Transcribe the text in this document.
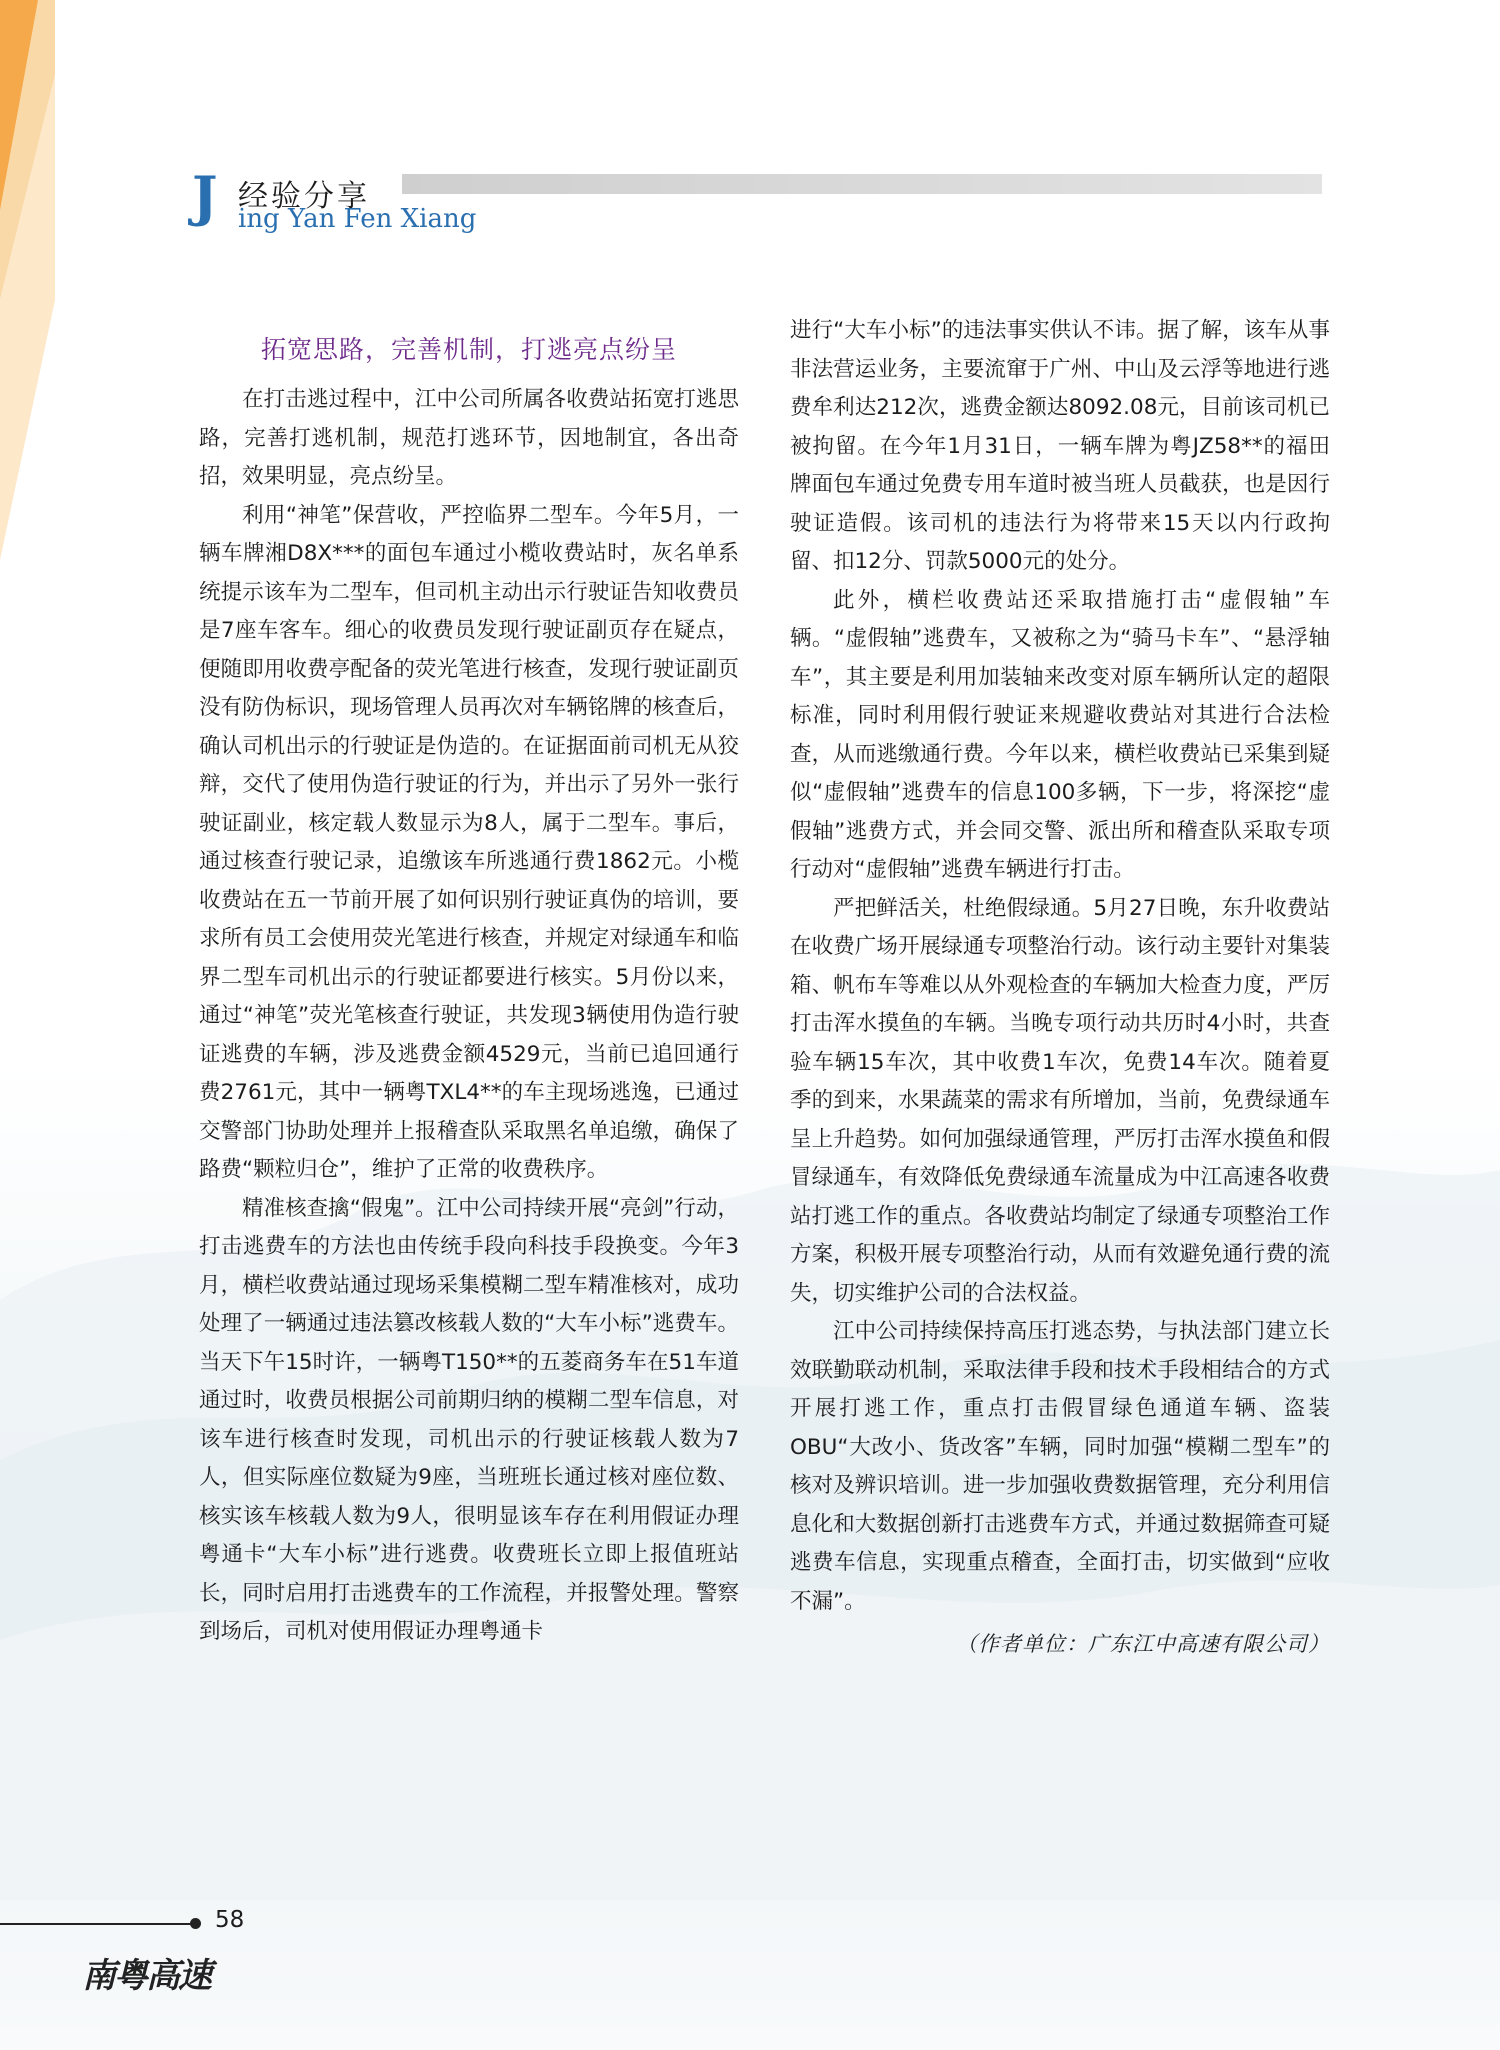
J 经验分享
ing Yan Fen Xiang
拓宽思路，完善机制，打逃亮点纷呈

在打击逃过程中，江中公司所属各收费站拓宽打逃思路，完善打逃机制，规范打逃环节，因地制宜，各出奇招，效果明显，亮点纷呈。

利用“神笔”保营收，严控临界二型车。今年5月，一辆车牌湘D8X***的面包车通过小榄收费站时，灰名单系统提示该车为二型车，但司机主动出示行驶证告知收费员是7座车客车。细心的收费员发现行驶证副页存在疑点，便随即用收费亭配备的荧光笔进行核查，发现行驶证副页没有防伪标识，现场管理人员再次对车辆铭牌的核查后，确认司机出示的行驶证是伪造的。在证据面前司机无从狡辩，交代了使用伪造行驶证的行为，并出示了另外一张行驶证副业，核定载人数显示为8人，属于二型车。事后，通过核查行驶记录，追缴该车所逃通行费1862元。小榄收费站在五一节前开展了如何识别行驶证真伪的培训，要求所有员工会使用荧光笔进行核查，并规定对绿通车和临界二型车司机出示的行驶证都要进行核实。5月份以来，通过“神笔”荧光笔核查行驶证，共发现3辆使用伪造行驶证逃费的车辆，涉及逃费金额4529元，当前已追回通行费2761元，其中一辆粤TXL4**的车主现场逃逸，已通过交警部门协助处理并上报稽查队采取黑名单追缴，确保了路费“颗粒归仓”，维护了正常的收费秩序。

精准核查擒“假鬼”。江中公司持续开展“亮剑”行动，打击逃费车的方法也由传统手段向科技手段换变。今年3月，横栏收费站通过现场采集模糊二型车精准核对，成功处理了一辆通过违法篡改核载人数的“大车小标”逃费车。当天下午15时许，一辆粤T150**的五菱商务车在51车道通过时，收费员根据公司前期归纳的模糊二型车信息，对该车进行核查时发现，司机出示的行驶证核载人数为7人，但实际座位数疑为9座，当班班长通过核对座位数、核实该车核载人数为9人，很明显该车存在利用假证办理粤通卡“大车小标”进行逃费。收费班长立即上报值班站长，同时启用打击逃费车的工作流程，并报警处理。警察到场后，司机对使用假证办理粤通卡

进行“大车小标”的违法事实供认不讳。据了解，该车从事非法营运业务，主要流窜于广州、中山及云浮等地进行逃费牟利达212次，逃费金额达8092.08元，目前该司机已被拘留。在今年1月31日，一辆车牌为粤JZ58**的福田牌面包车通过免费专用车道时被当班人员截获，也是因行驶证造假。该司机的违法行为将带来15天以内行政拘留、扣12分、罚款5000元的处分。

此外，横栏收费站还采取措施打击“虚假轴”车辆。“虚假轴”逃费车，又被称之为“骑马卡车”、“悬浮轴车”，其主要是利用加装轴来改变对原车辆所认定的超限标准，同时利用假行驶证来规避收费站对其进行合法检查，从而逃缴通行费。今年以来，横栏收费站已采集到疑似“虚假轴”逃费车的信息100多辆，下一步，将深挖“虚假轴”逃费方式，并会同交警、派出所和稽查队采取专项行动对“虚假轴”逃费车辆进行打击。

严把鲜活关，杜绝假绿通。5月27日晚，东升收费站在收费广场开展绿通专项整治行动。该行动主要针对集装箱、帆布车等难以从外观检查的车辆加大检查力度，严厉打击浑水摸鱼的车辆。当晚专项行动共历时4小时，共查验车辆15车次，其中收费1车次，免费14车次。随着夏季的到来，水果蔬菜的需求有所增加，当前，免费绿通车呈上升趋势。如何加强绿通管理，严厉打击浑水摸鱼和假冒绿通车，有效降低免费绿通车流量成为中江高速各收费站打逃工作的重点。各收费站均制定了绿通专项整治工作方案，积极开展专项整治行动，从而有效避免通行费的流失，切实维护公司的合法权益。

江中公司持续保持高压打逃态势，与执法部门建立长效联勤联动机制，采取法律手段和技术手段相结合的方式开展打逃工作，重点打击假冒绿色通道车辆、盗装OBU“大改小、货改客”车辆，同时加强“模糊二型车”的核对及辨识培训。进一步加强收费数据管理，充分利用信息化和大数据创新打击逃费车方式，并通过数据筛查可疑逃费车信息，实现重点稽查，全面打击，切实做到“应收不漏”。

（作者单位：广东江中高速有限公司）

58
南粤高速
